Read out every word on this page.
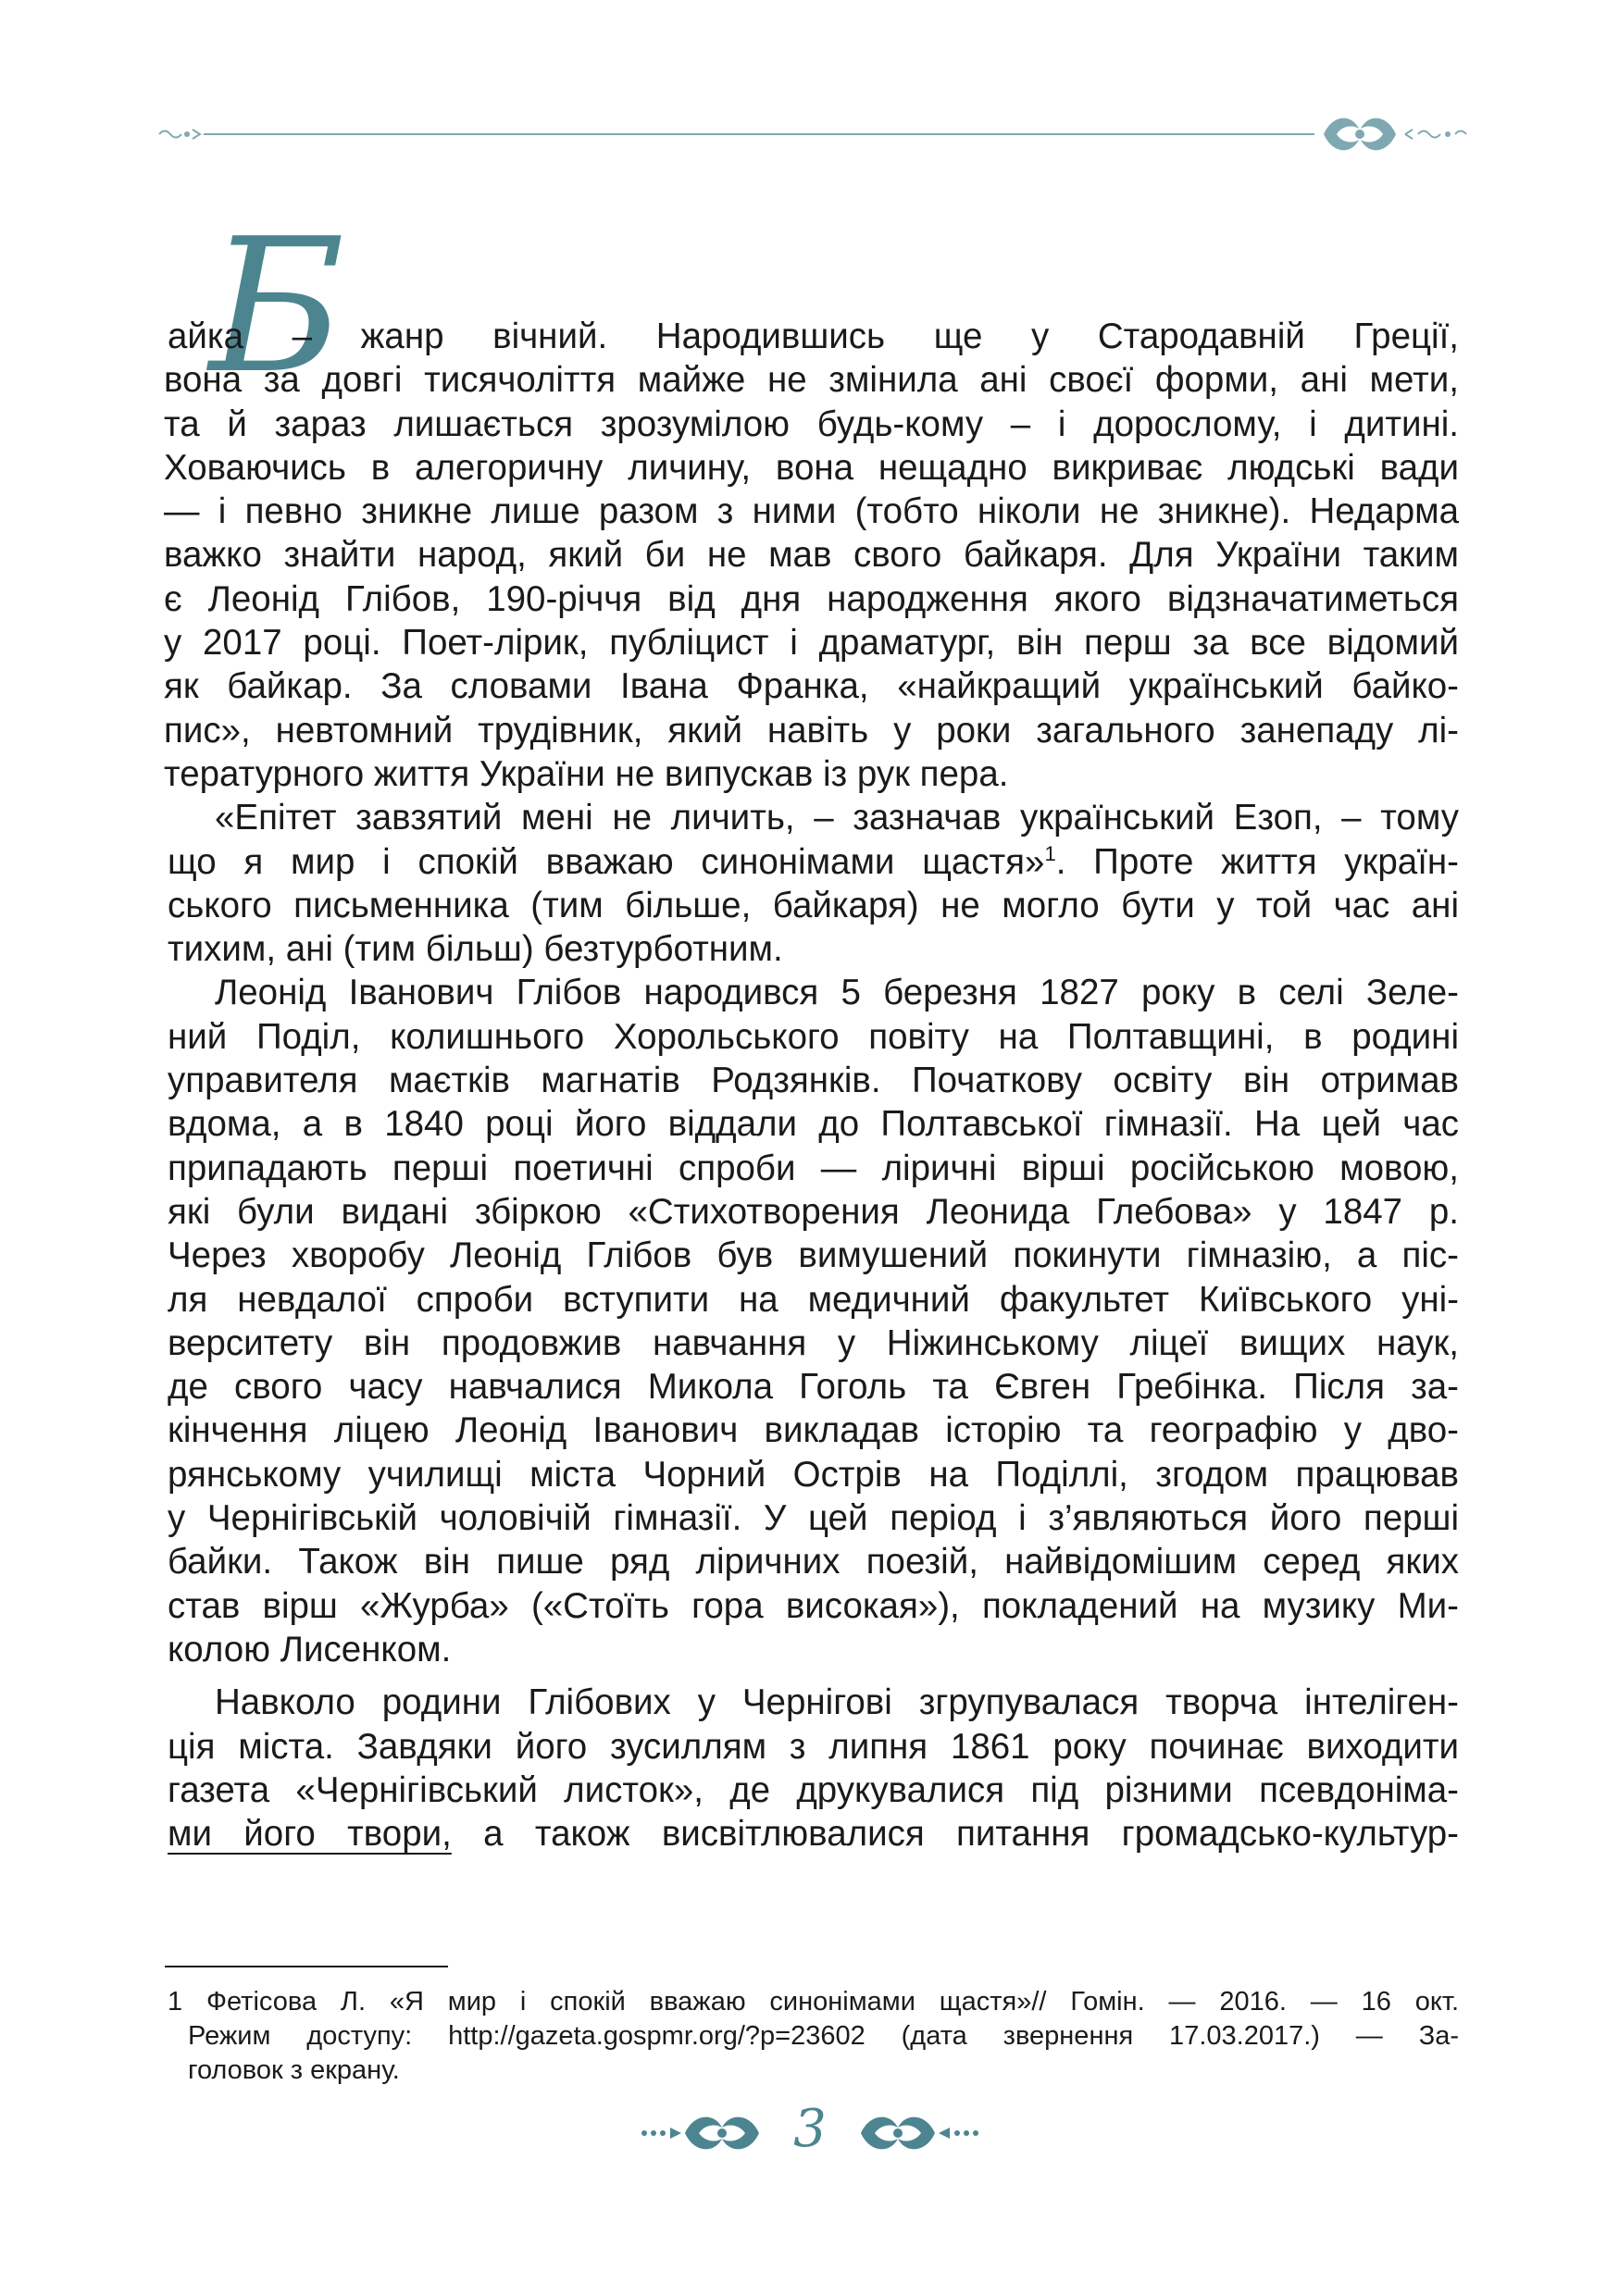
Б
айка – жанр вічний. Народившись ще у Стародавній Греції,
вона за довгі тисячоліття майже не змінила ані своєї форми, ані мети,
та й зараз лишається зрозумілою будь-кому – і дорослому, і дитині.
Ховаючись в алегоричну личину, вона нещадно викриває людські вади
— і певно зникне лише разом з ними (тобто ніколи не зникне). Недарма
важко знайти народ, який би не мав свого байкаря. Для України таким
є Леонід Глібов, 190-річчя від дня народження якого відзначатиметься
у 2017 році. Поет-лірик, публіцист і драматург, він перш за все відомий
як байкар. За словами Івана Франка, «найкращий український байко-
пис», невтомний трудівник, який навіть у роки загального занепаду лі-
тературного життя України не випускав із рук пера.
«Епітет завзятий мені не личить, – зазначав український Езоп, – тому
що я мир і спокій вважаю синонімами щастя»$^1$. Проте життя україн-
ського письменника (тим більше, байкаря) не могло бути у той час ані
тихим, ані (тим більш) безтурботним.
Леонід Іванович Глібов народився 5 березня 1827 року в селі Зеле-
ний Поділ, колишнього Хорольського повіту на Полтавщині, в родині
управителя маєтків магнатів Родзянків. Початкову освіту він отримав
вдома, а в 1840 році його віддали до Полтавської гімназії. На цей час
припадають перші поетичні спроби — ліричні вірші російською мовою,
які були видані збіркою «Стихотворения Леонида Глебова» у 1847 р.
Через хворобу Леонід Глібов був вимушений покинути гімназію, а піс-
ля невдалої спроби вступити на медичний факультет Київського уні-
верситету він продовжив навчання у Ніжинському ліцеї вищих наук,
де свого часу навчалися Микола Гоголь та Євген Гребінка. Після за-
кінчення ліцею Леонід Іванович викладав історію та географію у дво-
рянському училищі міста Чорний Острів на Поділлі, згодом працював
у Чернігівській чоловічій гімназії. У цей період і з’являються його перші
байки. Також він пише ряд ліричних поезій, найвідомішим серед яких
став вірш «Журба» («Стоїть гора високая»), покладений на музику Ми-
колою Лисенком.
Навколо родини Глібових у Чернігові згрупувалася творча інтеліген-
ція міста. Завдяки його зусиллям з липня 1861 року починає виходити
газета «Чернігівський листок», де друкувалися під різними псевдоніма-
ми його твори, а також висвітлювалися питання громадсько-культур-
1 Фетісова Л. «Я мир і спокій вважаю синонімами щастя»// Гомін. — 2016. — 16 окт.
Режим доступу: http://gazeta.gospmr.org/?p=23602 (дата звернення 17.03.2017.) — За-
головок з екрану.
3
